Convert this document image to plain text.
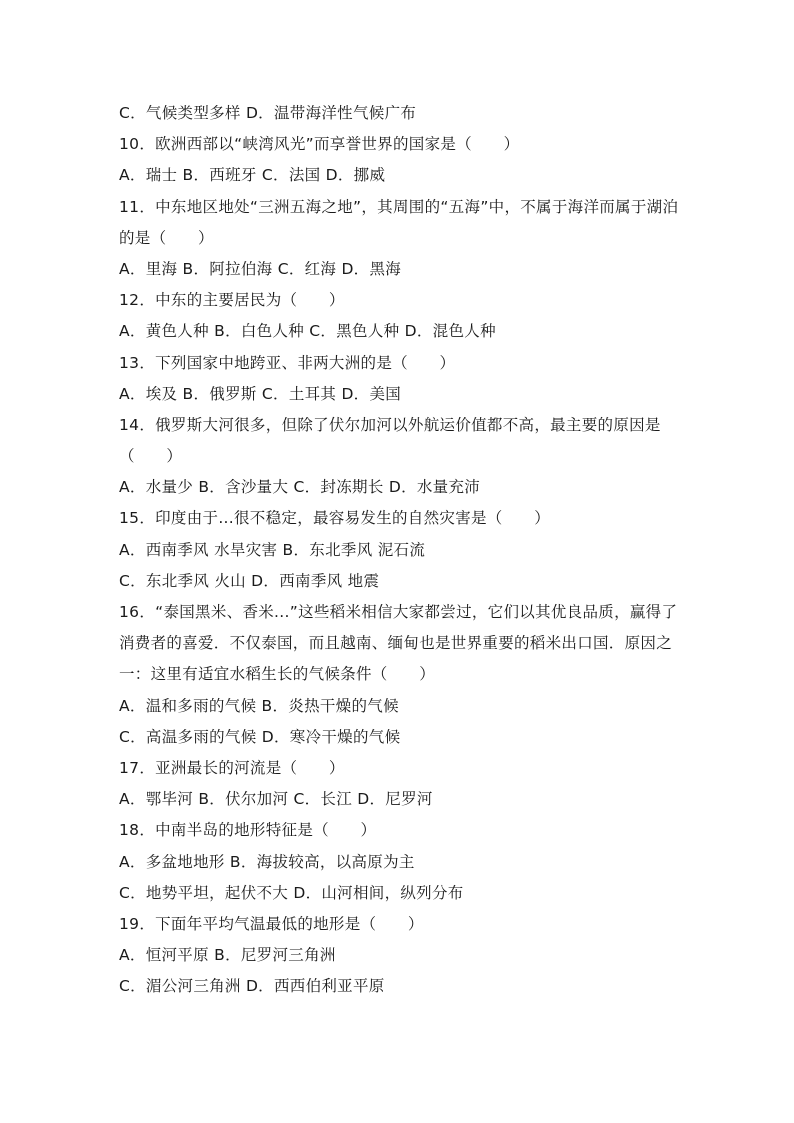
C．气候类型多样 D．温带海洋性气候广布
10．欧洲西部以“峡湾风光”而享誉世界的国家是（　　）
A．瑞士 B．西班牙 C．法国 D．挪威
11．中东地区地处“三洲五海之地”，其周围的“五海”中，不属于海洋而属于湖泊
的是（　　）
A．里海 B．阿拉伯海 C．红海 D．黑海
12．中东的主要居民为（　　）
A．黄色人种 B．白色人种 C．黑色人种 D．混色人种
13．下列国家中地跨亚、非两大洲的是（　　）
A．埃及 B．俄罗斯 C．土耳其 D．美国
14．俄罗斯大河很多，但除了伏尔加河以外航运价值都不高，最主要的原因是
（　　）
A．水量少 B．含沙量大 C．封冻期长 D．水量充沛
15．印度由于...很不稳定，最容易发生的自然灾害是（　　）
A．西南季风 水旱灾害 B．东北季风 泥石流
C．东北季风 火山 D．西南季风 地震
16．“泰国黑米、香米...”这些稻米相信大家都尝过，它们以其优良品质，赢得了
消费者的喜爱．不仅泰国，而且越南、缅甸也是世界重要的稻米出口国．原因之
一：这里有适宜水稻生长的气候条件（　　）
A．温和多雨的气候 B．炎热干燥的气候
C．高温多雨的气候 D．寒冷干燥的气候
17．亚洲最长的河流是（　　）
A．鄂毕河 B．伏尔加河 C．长江 D．尼罗河
18．中南半岛的地形特征是（　　）
A．多盆地地形 B．海拔较高，以高原为主
C．地势平坦，起伏不大 D．山河相间，纵列分布
19．下面年平均气温最低的地形是（　　）
A．恒河平原 B．尼罗河三角洲
C．湄公河三角洲 D．西西伯利亚平原
